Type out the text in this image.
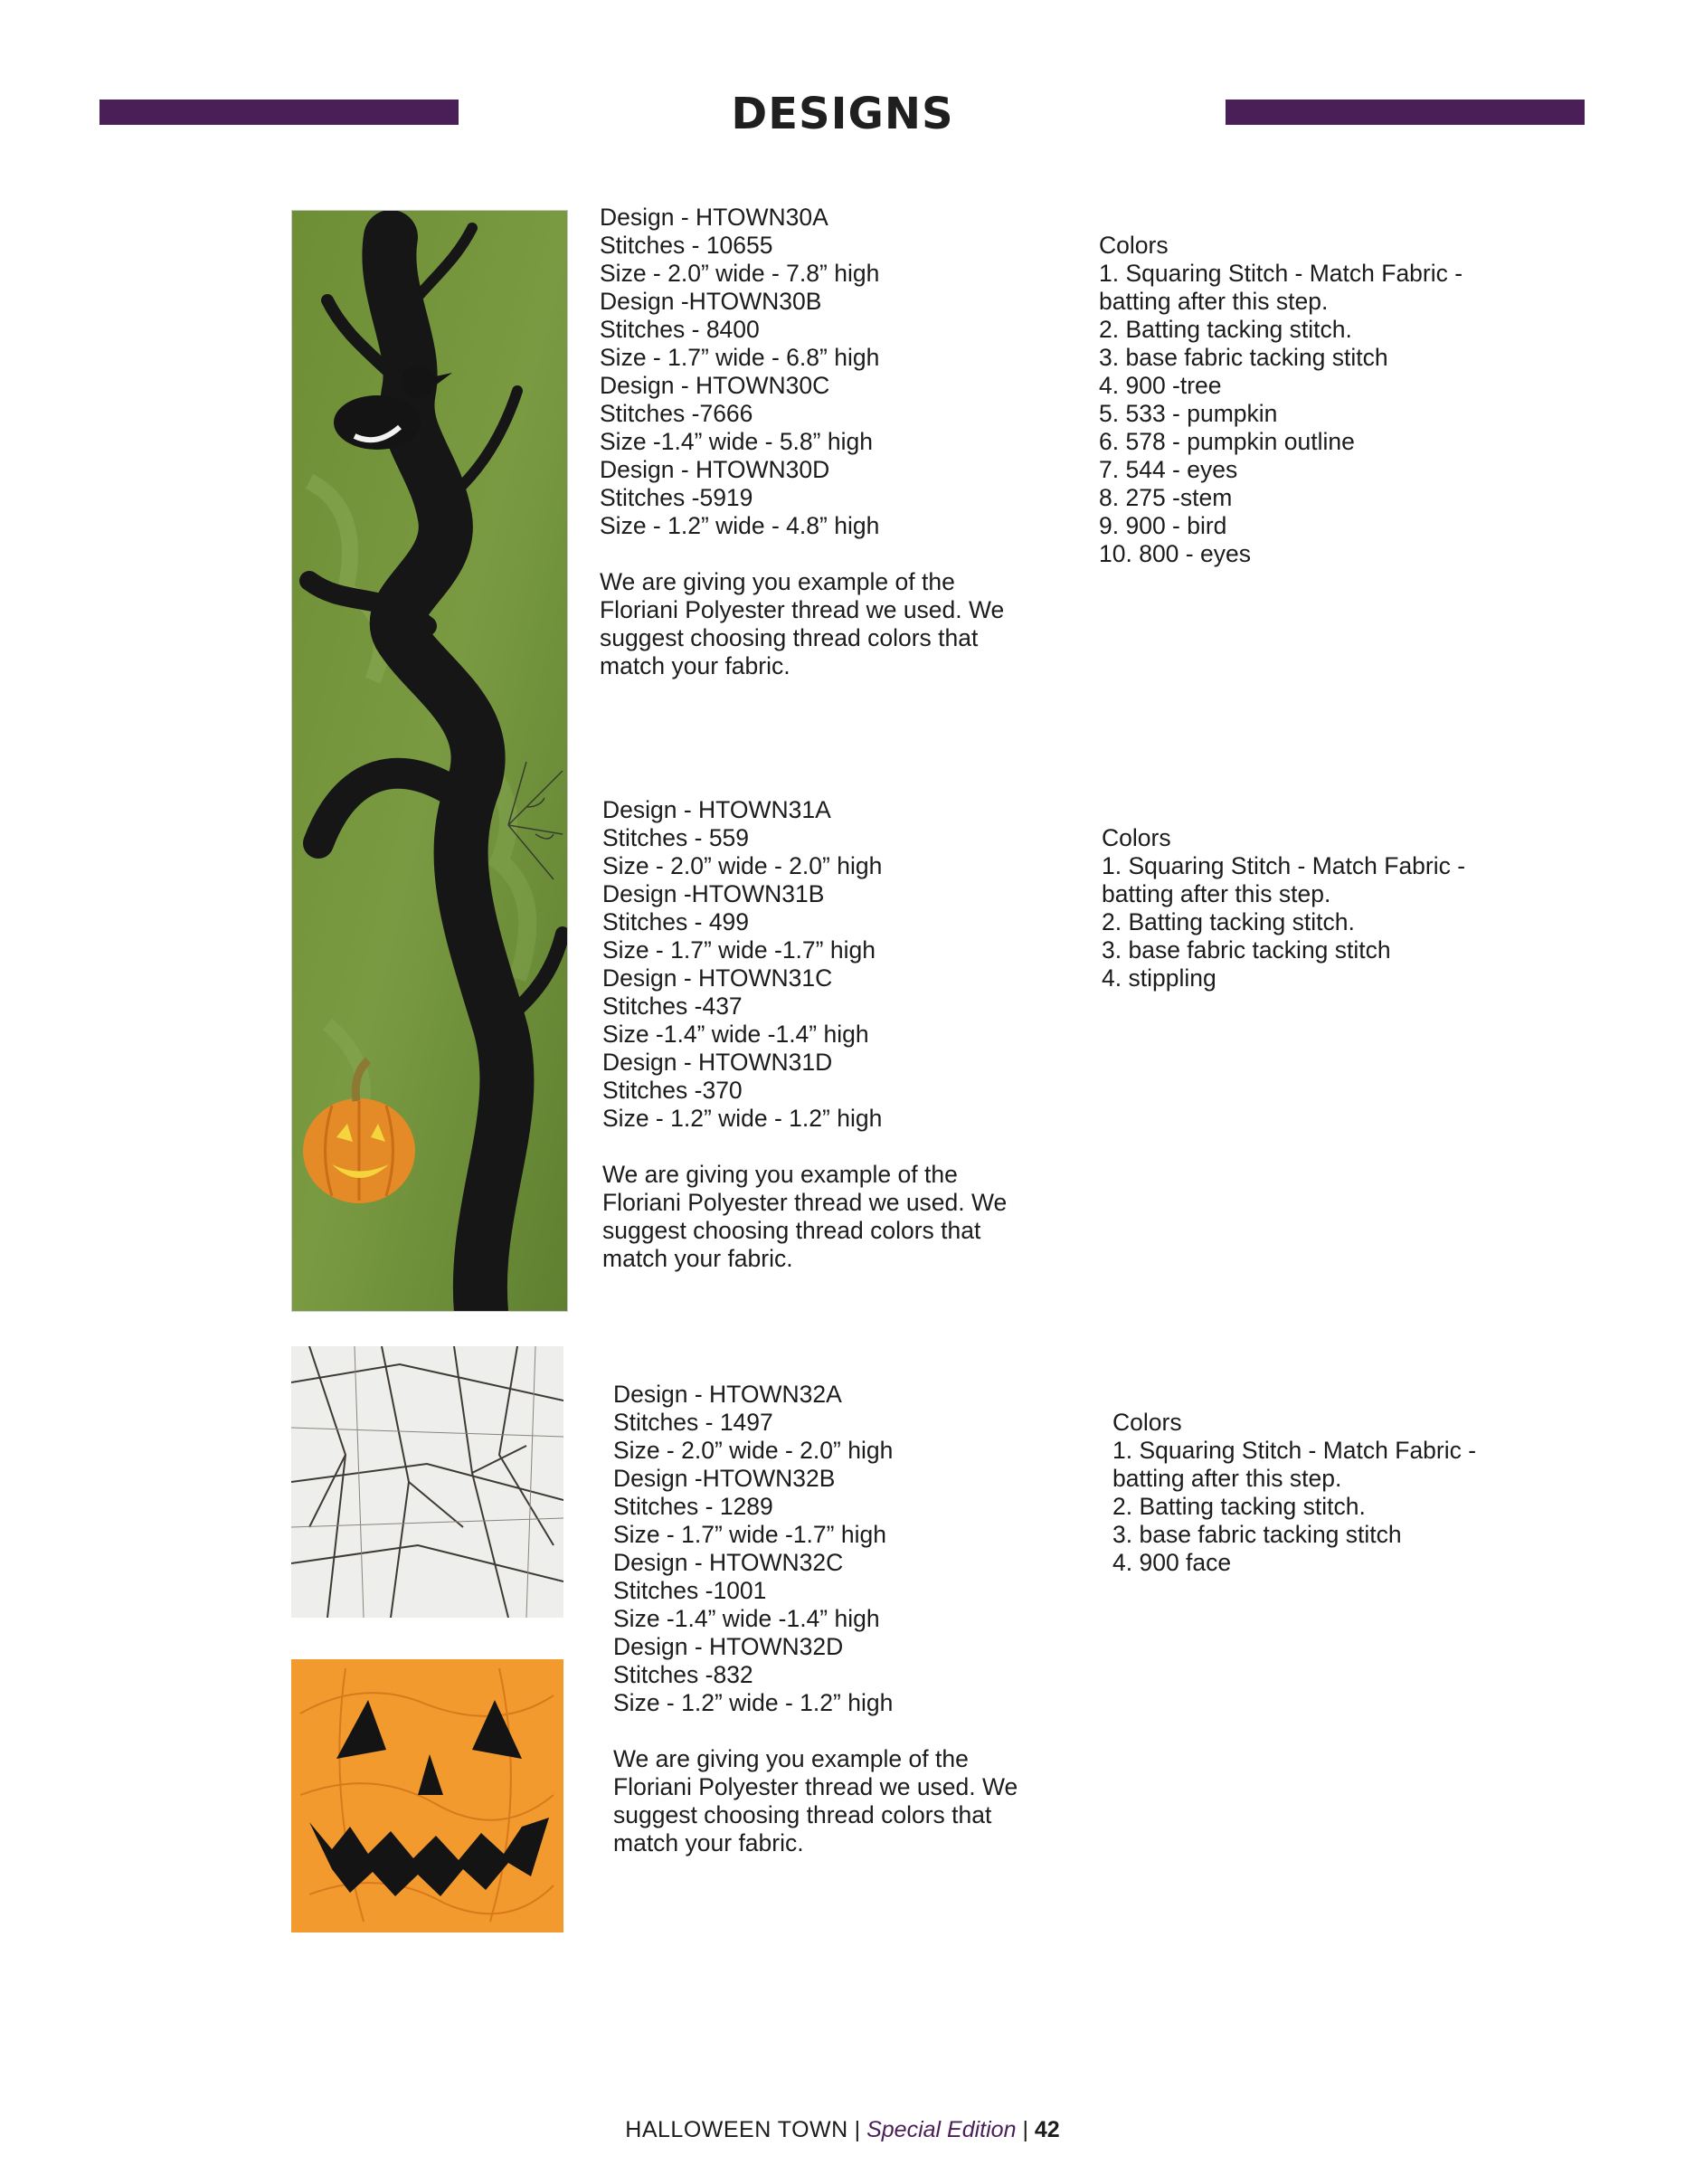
DESIGNS
Design - HTOWN30A
Stitches - 10655
Size - 2.0” wide - 7.8” high
Design -HTOWN30B
Stitches - 8400
Size - 1.7” wide - 6.8” high
Design - HTOWN30C
Stitches -7666
Size -1.4” wide - 5.8” high
Design - HTOWN30D
Stitches -5919
Size - 1.2” wide - 4.8” high
We are giving you example of the
Floriani Polyester thread we used. We
suggest choosing thread colors that
match your fabric.
Colors
1. Squaring Stitch - Match Fabric -
batting after this step.
2. Batting tacking stitch.
3. base fabric tacking stitch
4. 900 -tree
5. 533 - pumpkin
6. 578 - pumpkin outline
7. 544 - eyes
8. 275 -stem
9. 900 - bird
10. 800 - eyes
Design - HTOWN31A
Stitches - 559
Size - 2.0” wide - 2.0” high
Design -HTOWN31B
Stitches - 499
Size - 1.7” wide -1.7” high
Design - HTOWN31C
Stitches -437
Size -1.4” wide -1.4” high
Design - HTOWN31D
Stitches -370
Size - 1.2” wide - 1.2” high
We are giving you example of the
Floriani Polyester thread we used. We
suggest choosing thread colors that
match your fabric.
Colors
1. Squaring Stitch - Match Fabric -
batting after this step.
2. Batting tacking stitch.
3. base fabric tacking stitch
4. stippling
Design - HTOWN32A
Stitches - 1497
Size - 2.0” wide - 2.0” high
Design -HTOWN32B
Stitches - 1289
Size - 1.7” wide -1.7” high
Design - HTOWN32C
Stitches -1001
Size -1.4” wide -1.4” high
Design - HTOWN32D
Stitches -832
Size - 1.2” wide - 1.2” high
We are giving you example of the
Floriani Polyester thread we used. We
suggest choosing thread colors that
match your fabric.
Colors
1. Squaring Stitch - Match Fabric -
batting after this step.
2. Batting tacking stitch.
3. base fabric tacking stitch
4. 900 face
HALLOWEEN TOWN | Special Edition | 42
